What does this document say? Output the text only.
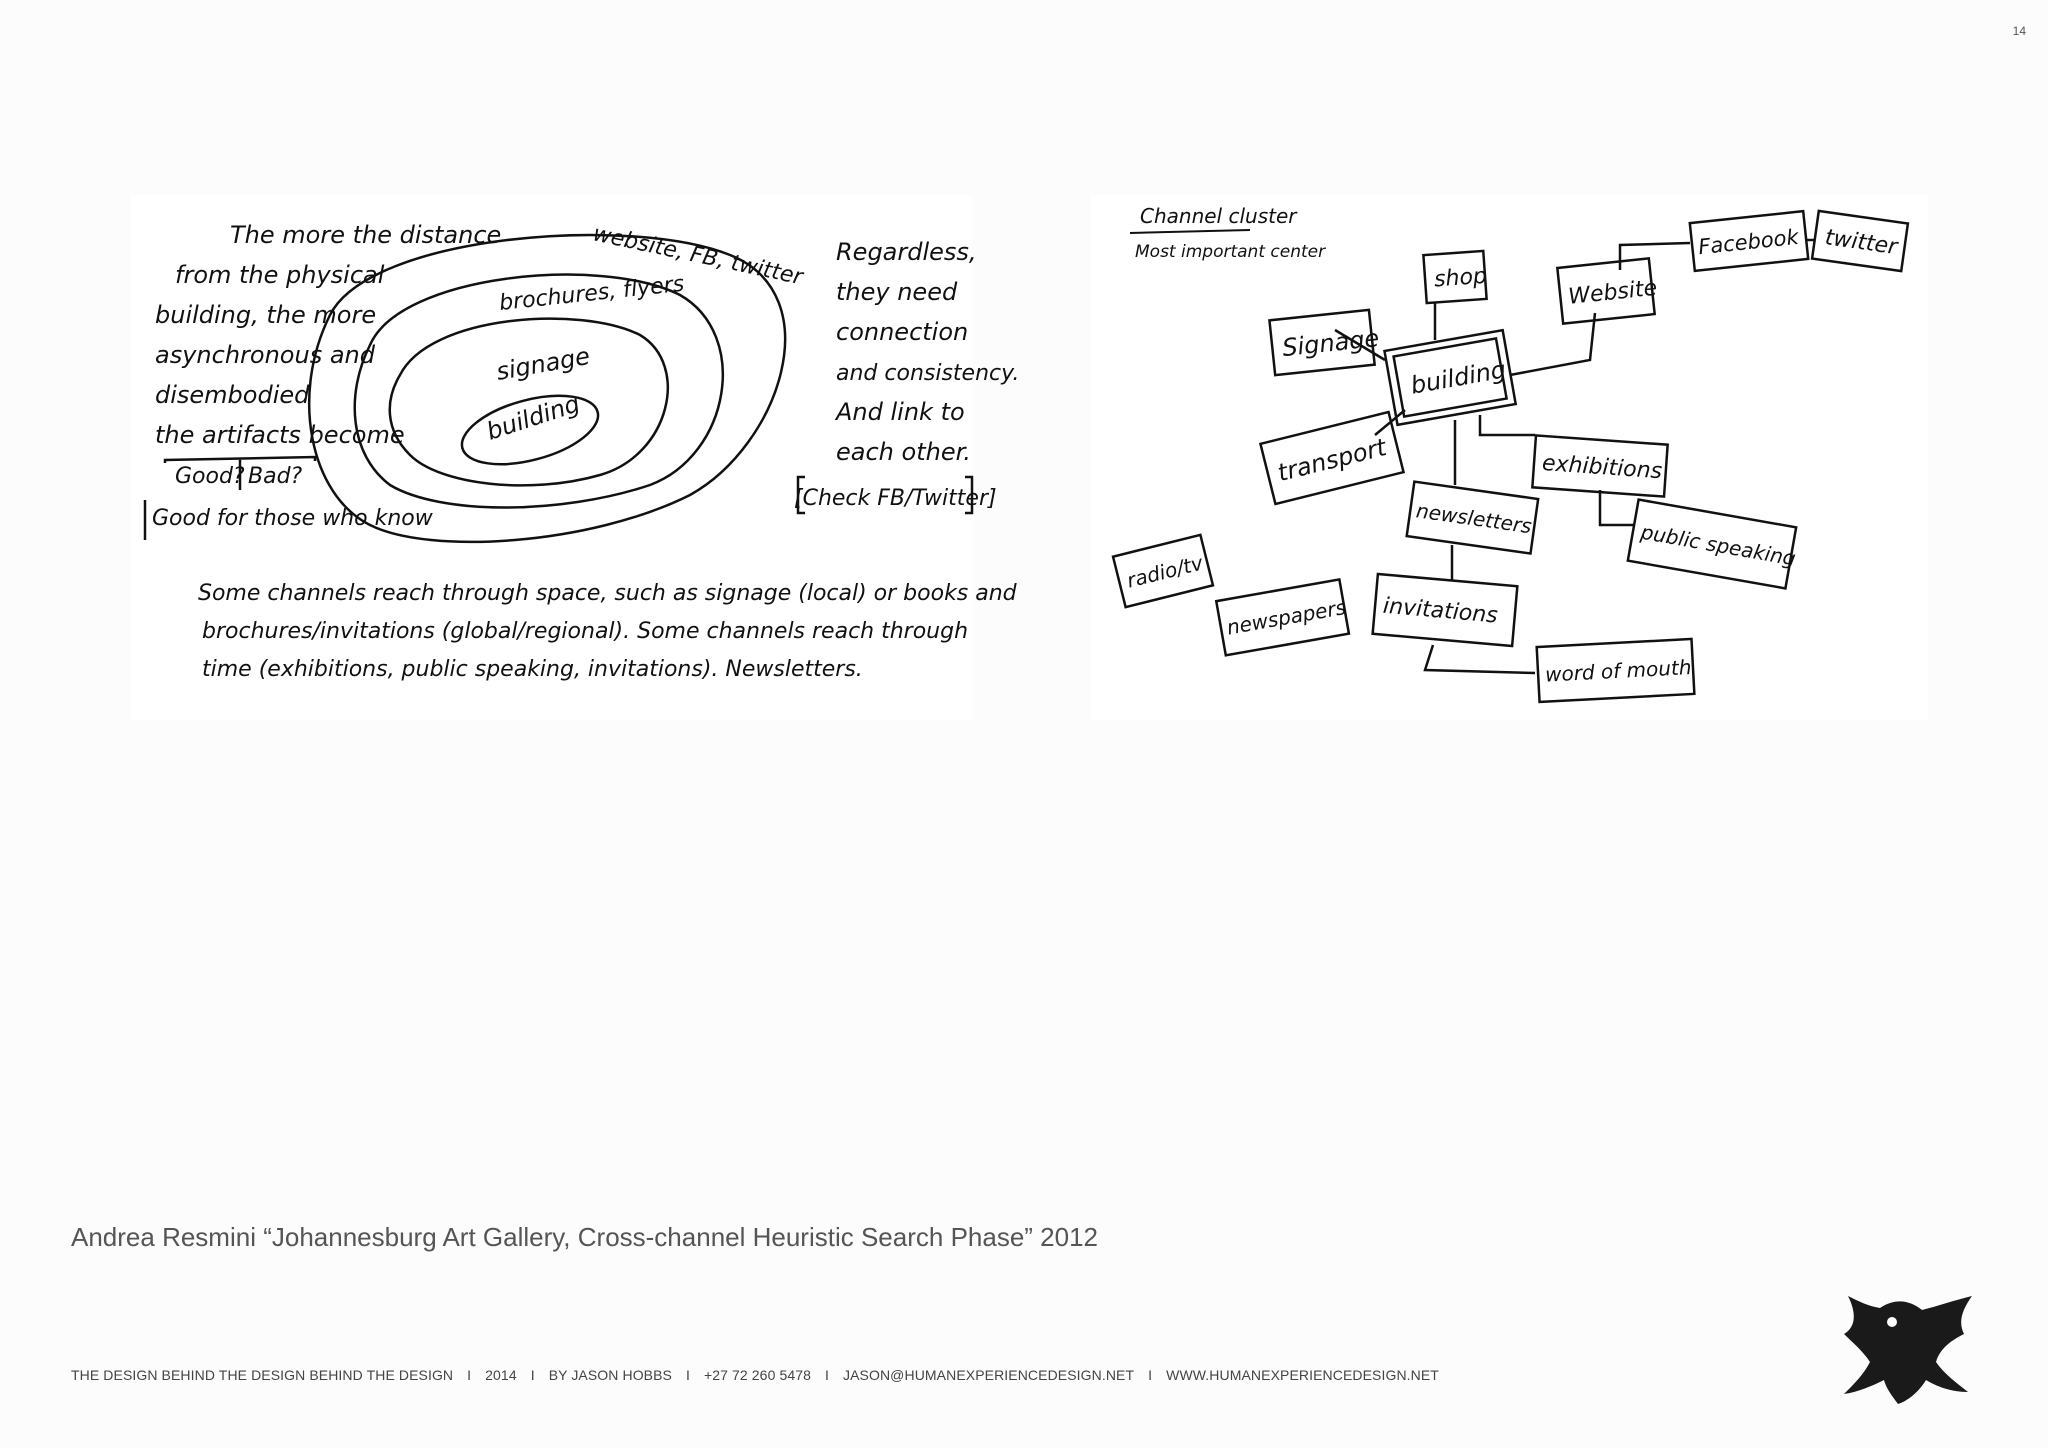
14
website, FB, twitter
brochures, flyers
signage
building
The more the distance
from the physical
building, the more
asynchronous and
disembodied
the artifacts become
Good? Bad?
Good for those who know
Regardless,
they need
connection
and consistency.
And link to
each other.
[Check FB/Twitter]
Some channels reach through space, such as signage (local) or books and
brochures/invitations (global/regional). Some channels reach through
time (exhibitions, public speaking, invitations). Newsletters.
Channel cluster
Most important center
shop
Signage
Website
Facebook twitter
building
transport	exhibitions
newsletters
public speaking
radio/tv
newspapers invitations
word of mouth
Andrea Resmini “Johannesburg Art Gallery, Cross-channel Heuristic Search Phase” 2012
THE DESIGN BEHIND THE DESIGN BEHIND THE DESIGN I 2014 I BY JASON HOBBS I +27 72 260 5478 I JASON@HUMANEXPERIENCEDESIGN.NET I WWW.HUMANEXPERIENCEDESIGN.NET
